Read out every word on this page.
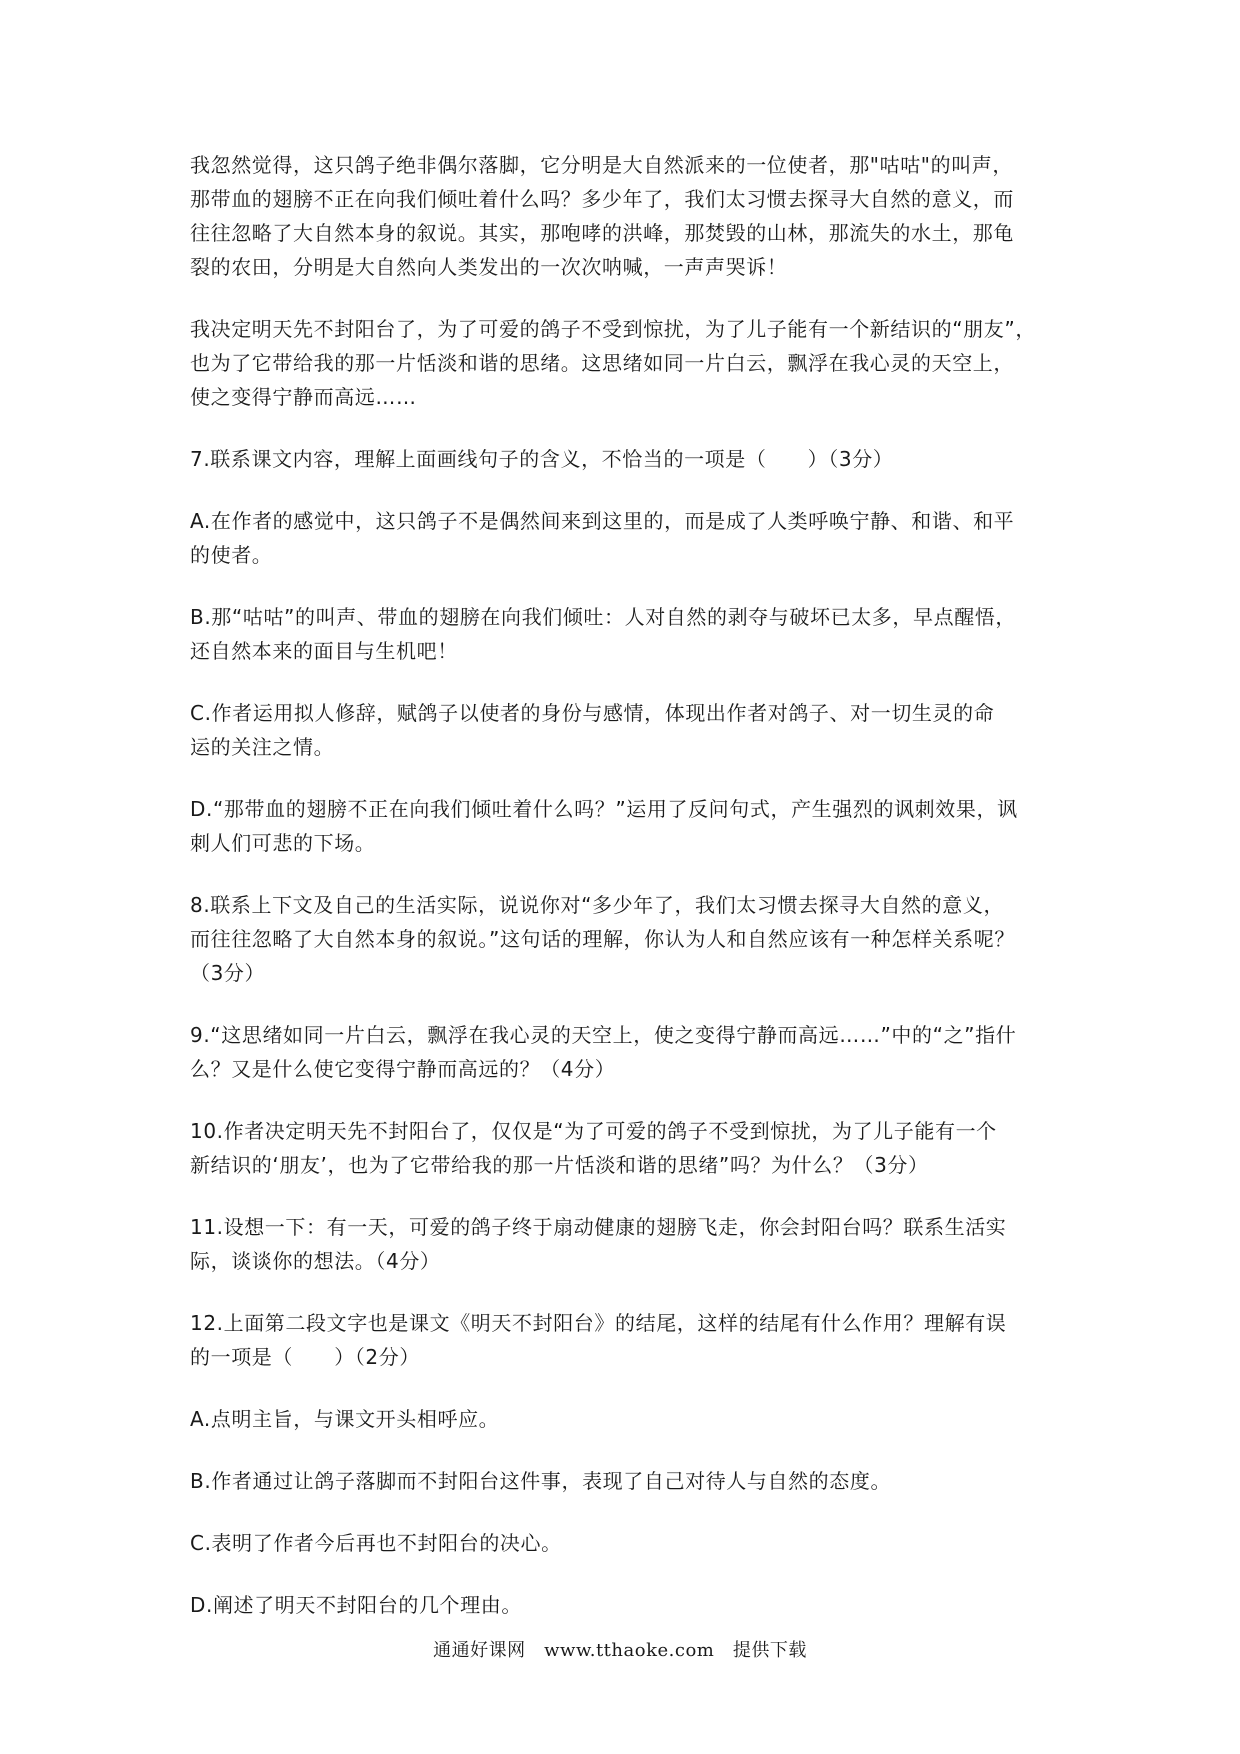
我忽然觉得，这只鸽子绝非偶尔落脚，它分明是大自然派来的一位使者，那"咕咕"的叫声，
那带血的翅膀不正在向我们倾吐着什么吗？多少年了，我们太习惯去探寻大自然的意义，而
往往忽略了大自然本身的叙说。其实，那咆哮的洪峰，那焚毁的山林，那流失的水土，那龟
裂的农田，分明是大自然向人类发出的一次次呐喊，一声声哭诉！
我决定明天先不封阳台了，为了可爱的鸽子不受到惊扰，为了儿子能有一个新结识的“朋友”，
也为了它带给我的那一片恬淡和谐的思绪。这思绪如同一片白云，飘浮在我心灵的天空上，
使之变得宁静而高远……
7.联系课文内容，理解上面画线句子的含义，不恰当的一项是（　　）（3分）
A.在作者的感觉中，这只鸽子不是偶然间来到这里的，而是成了人类呼唤宁静、和谐、和平
的使者。
B.那“咕咕”的叫声、带血的翅膀在向我们倾吐：人对自然的剥夺与破坏已太多，早点醒悟，
还自然本来的面目与生机吧！
C.作者运用拟人修辞，赋鸽子以使者的身份与感情，体现出作者对鸽子、对一切生灵的命
运的关注之情。
D.“那带血的翅膀不正在向我们倾吐着什么吗？”运用了反问句式，产生强烈的讽刺效果，讽
刺人们可悲的下场。
8.联系上下文及自己的生活实际，说说你对“多少年了，我们太习惯去探寻大自然的意义，
而往往忽略了大自然本身的叙说。”这句话的理解，你认为人和自然应该有一种怎样关系呢？
（3分）
9.“这思绪如同一片白云，飘浮在我心灵的天空上，使之变得宁静而高远……”中的“之”指什
么？又是什么使它变得宁静而高远的？（4分）
10.作者决定明天先不封阳台了，仅仅是“为了可爱的鸽子不受到惊扰，为了儿子能有一个
新结识的‘朋友’，也为了它带给我的那一片恬淡和谐的思绪”吗？为什么？（3分）
11.设想一下：有一天，可爱的鸽子终于扇动健康的翅膀飞走，你会封阳台吗？联系生活实
际，谈谈你的想法。（4分）
12.上面第二段文字也是课文《明天不封阳台》的结尾，这样的结尾有什么作用？理解有误
的一项是（　　）（2分）
A.点明主旨，与课文开头相呼应。
B.作者通过让鸽子落脚而不封阳台这件事，表现了自己对待人与自然的态度。
C.表明了作者今后再也不封阳台的决心。
D.阐述了明天不封阳台的几个理由。
通通好课网　www.tthaoke.com　提供下载
